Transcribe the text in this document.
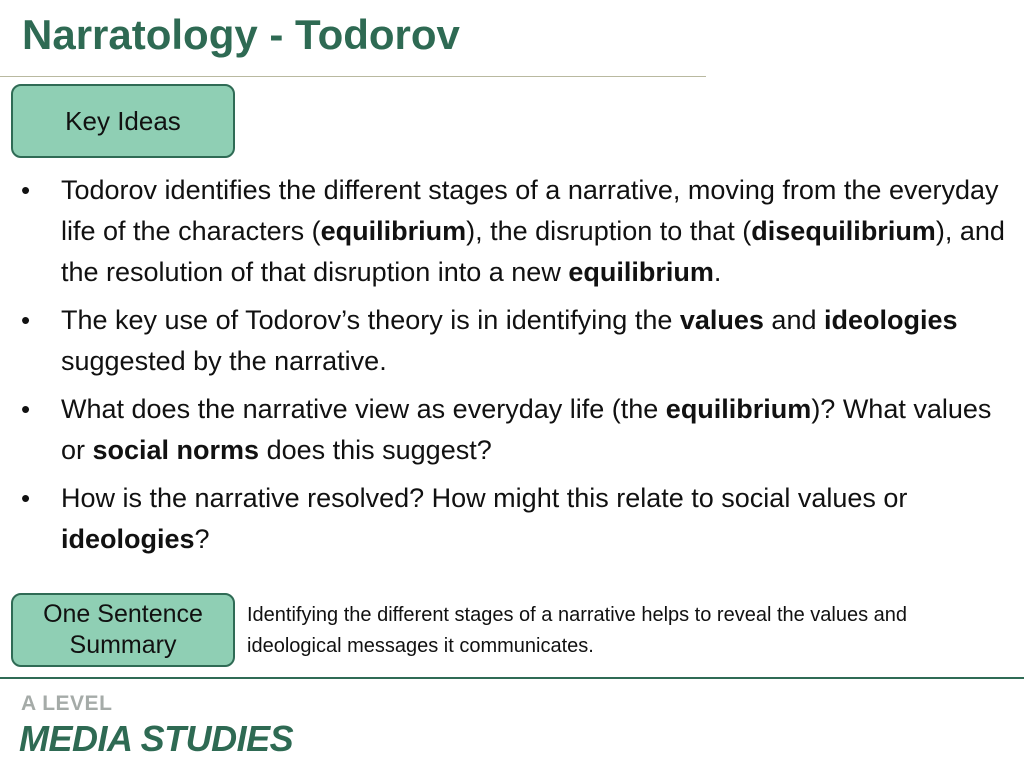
Narratology - Todorov
Key Ideas
• Todorov identifies the different stages of a narrative, moving from the everyday life of the characters (equilibrium), the disruption to that (disequilibrium), and the resolution of that disruption into a new equilibrium.
• The key use of Todorov’s theory is in identifying the values and ideologies suggested by the narrative.
• What does the narrative view as everyday life (the equilibrium)? What values or social norms does this suggest?
• How is the narrative resolved? How might this relate to social values or ideologies?
One Sentence
Summary
Identifying the different stages of a narrative helps to reveal the values and ideological messages it communicates.
A LEVEL
MEDIA STUDIES
